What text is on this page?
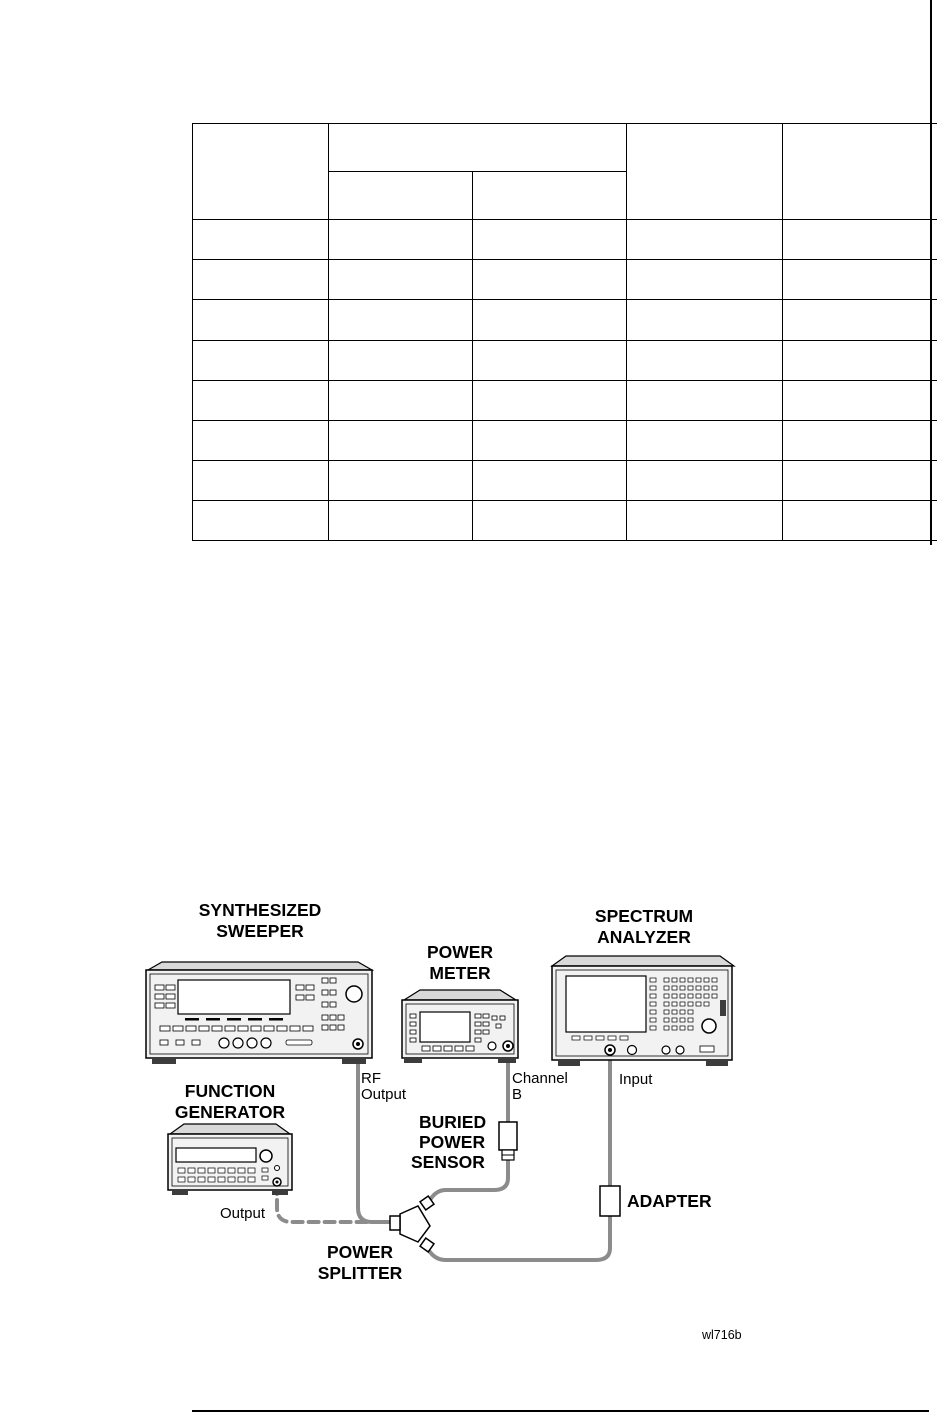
SYNTHESIZED
SWEEPER
POWER
METER
SPECTRUM
ANALYZER
FUNCTION
GENERATOR	BURIED
POWER
SENSOR
ADAPTER
POWER
SPLITTER
RF
Output
Channel
B
Input
Output
wl716b
